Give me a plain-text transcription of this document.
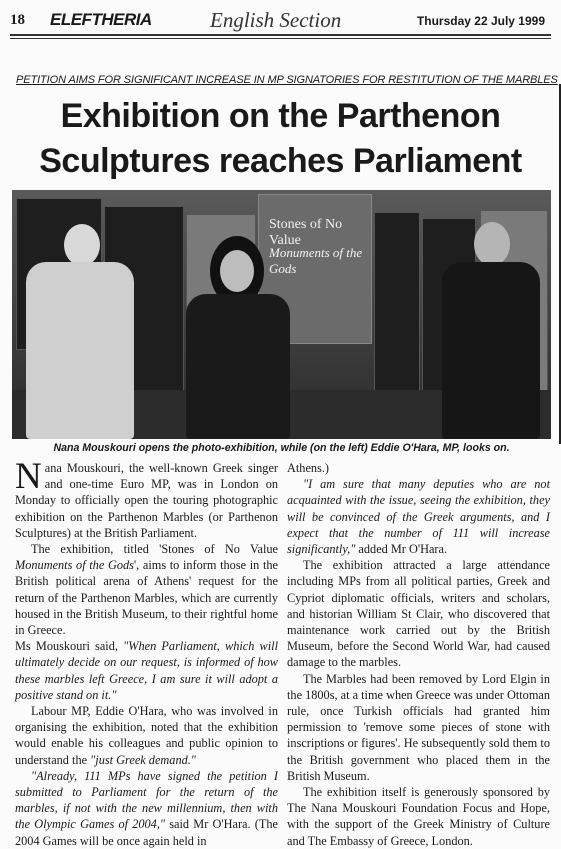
18 ELEFTHERIA	English Section	Thursday 22 July 1999
PETITION AIMS FOR SIGNIFICANT INCREASE IN MP SIGNATORIES FOR RESTITUTION OF THE MARBLES
Exhibition on the Parthenon
Sculptures reaches Parliament
Stones of No Value
Monuments of the Gods
Nana Mouskouri opens the photo-exhibition, while (on the left) Eddie O'Hara, MP, looks on.

Nana Mouskouri, the well-known Greek singer and one-time Euro MP, was in London on Monday to officially open the touring photographic exhibition on the Parthenon Marbles (or Parthenon Sculptures) at the British Parliament.

The exhibition, titled 'Stones of No Value Monuments of the Gods', aims to inform those in the British political arena of Athens' request for the return of the Parthenon Marbles, which are currently housed in the British Museum, to their rightful home in Greece.

Ms Mouskouri said, "When Parliament, which will ultimately decide on our request, is informed of how these marbles left Greece, I am sure it will adopt a positive stand on it."

Labour MP, Eddie O'Hara, who was involved in organising the exhibition, noted that the exhibition would enable his colleagues and public opinion to understand the "just Greek demand."

"Already, 111 MPs have signed the petition I submitted to Parliament for the return of the marbles, if not with the new millennium, then with the Olympic Games of 2004," said Mr O'Hara. (The 2004 Games will be once again held in

Athens.)

"I am sure that many deputies who are not acquainted with the issue, seeing the exhibition, they will be convinced of the Greek arguments, and I expect that the number of 111 will increase significantly," added Mr O'Hara.

The exhibition attracted a large attendance including MPs from all political parties, Greek and Cypriot diplomatic officials, writers and scholars, and historian William St Clair, who discovered that maintenance work carried out by the British Museum, before the Second World War, had caused damage to the marbles.

The Marbles had been removed by Lord Elgin in the 1800s, at a time when Greece was under Ottoman rule, once Turkish officials had granted him permission to 'remove some pieces of stone with inscriptions or figures'. He subsequently sold them to the British government who placed them in the British Museum.

The exhibition itself is generously sponsored by The Nana Mouskouri Foundation Focus and Hope, with the support of the Greek Ministry of Culture and The Embassy of Greece, London.
